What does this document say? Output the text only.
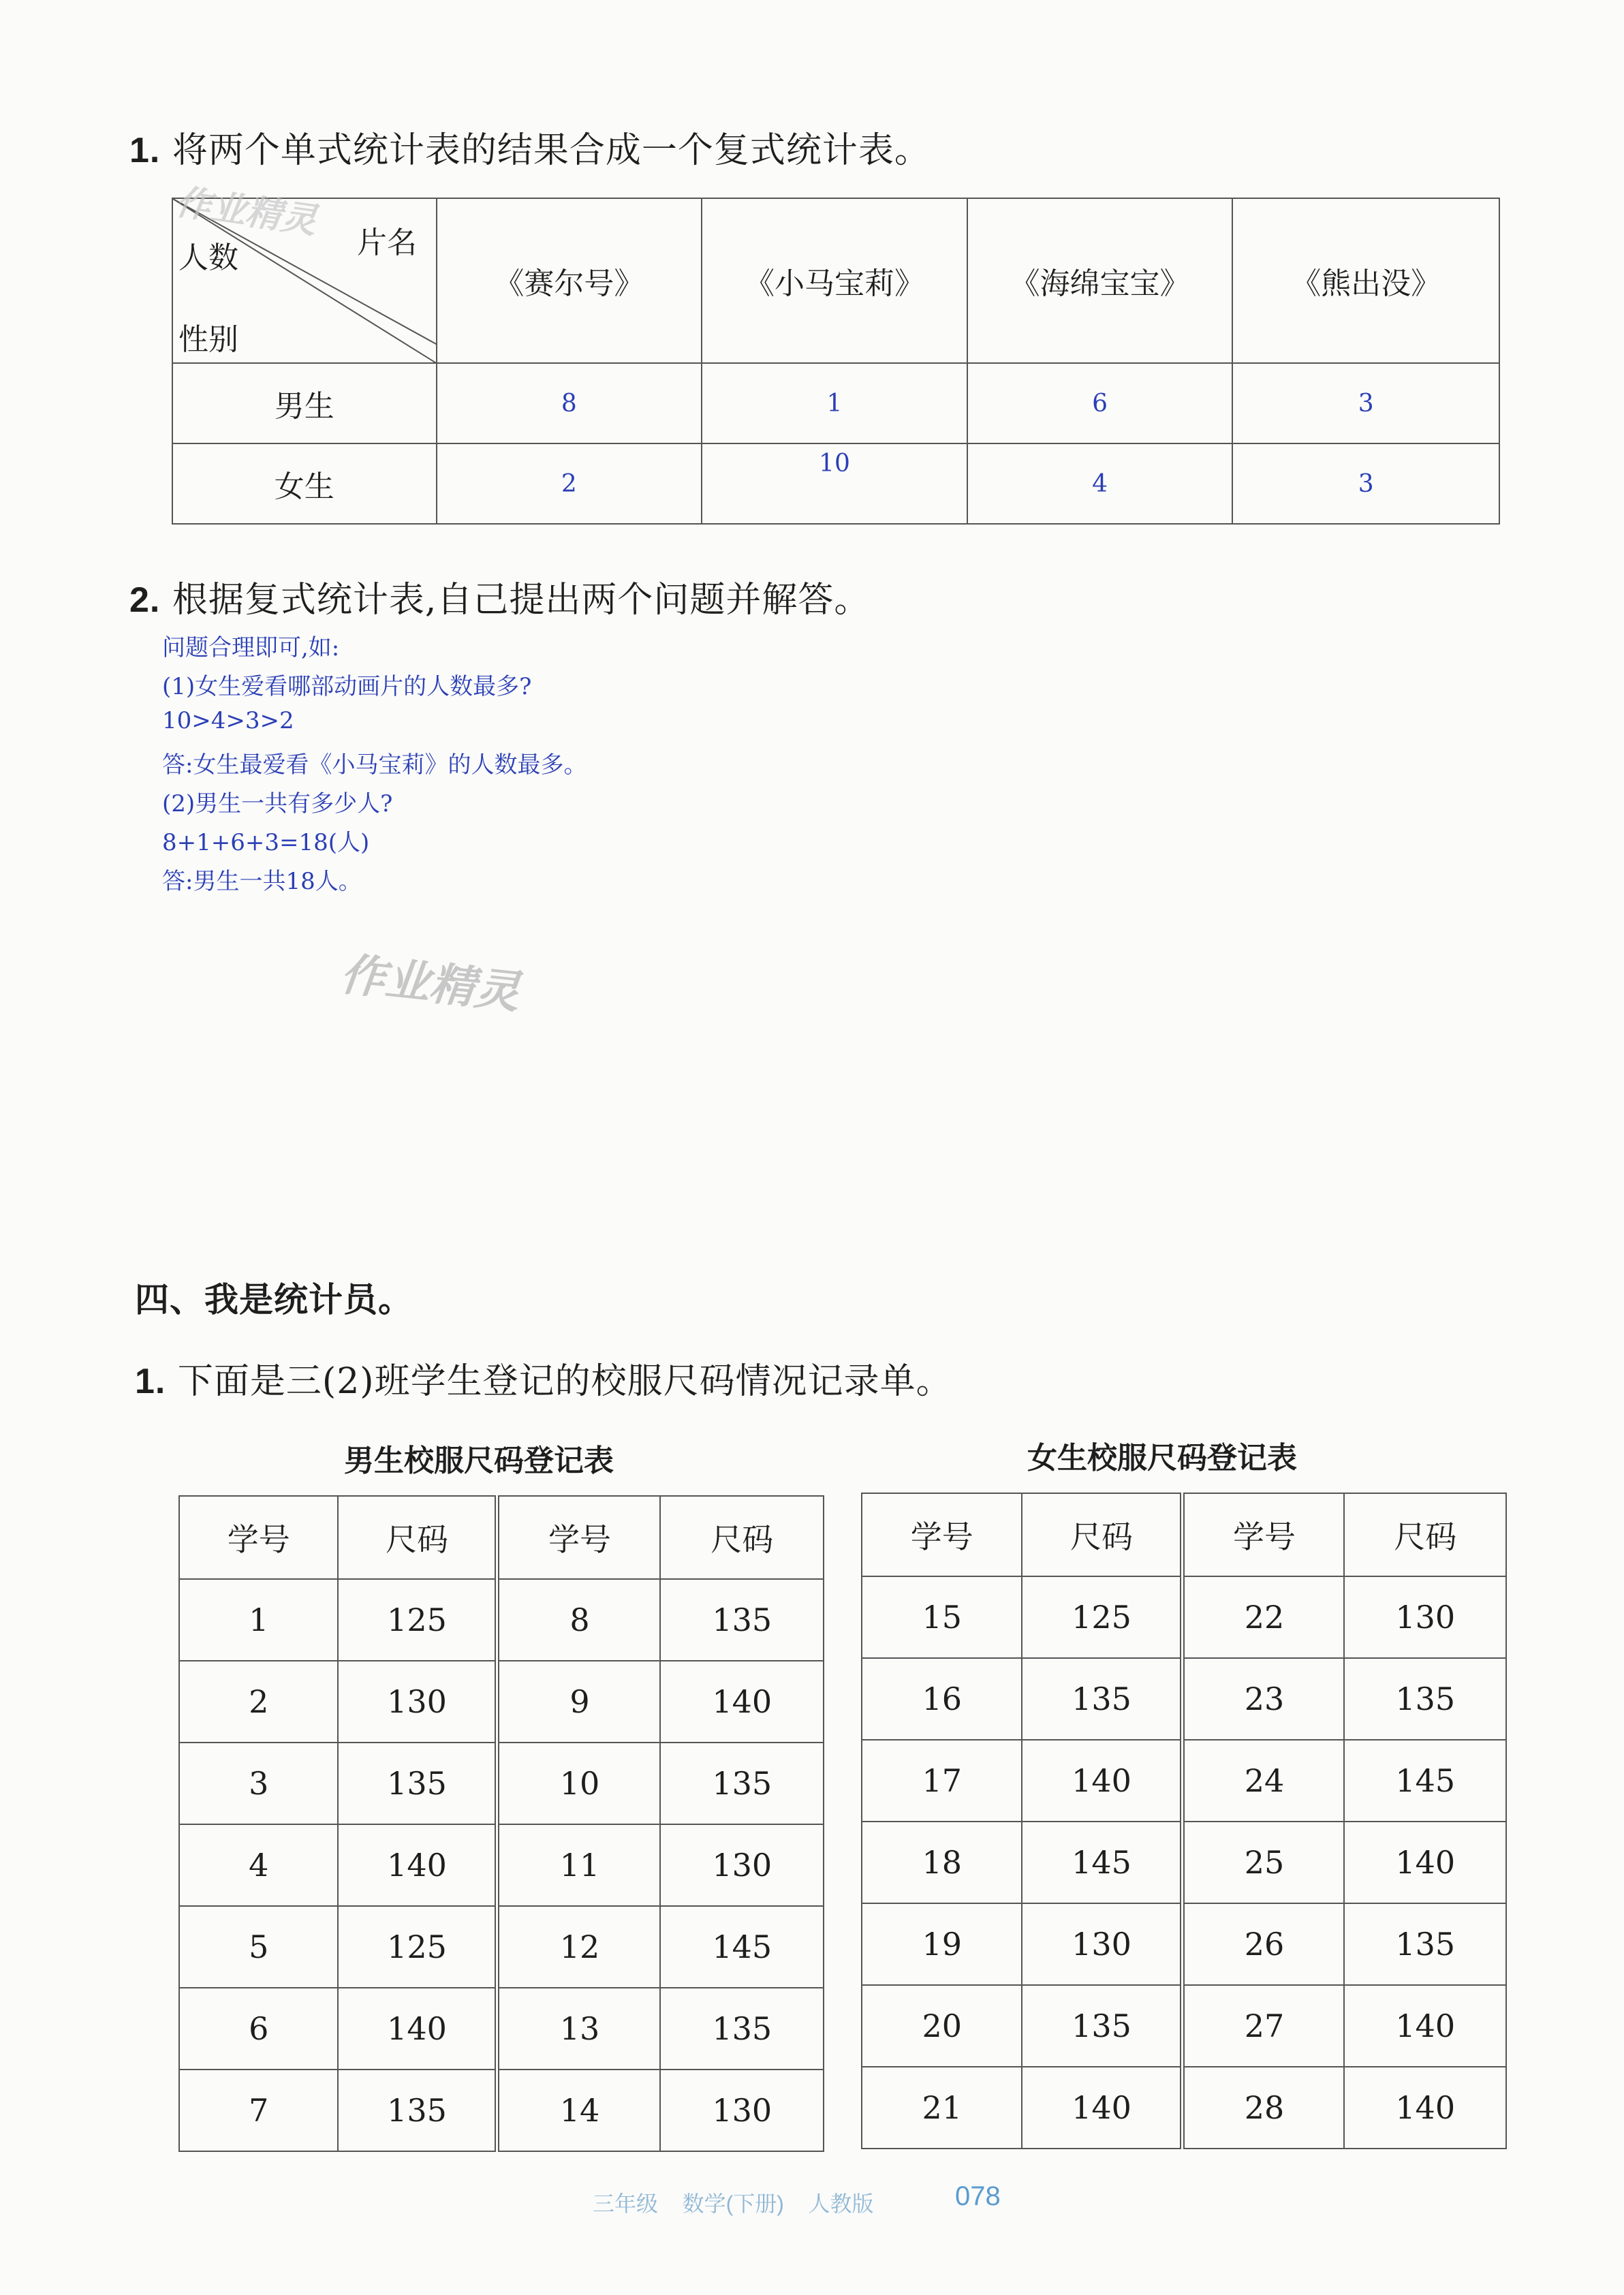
1. 将两个单式统计表的结果合成一个复式统计表。
片名
人数
性别	《赛尔号》	《小马宝莉》	《海绵宝宝》	《熊出没》
男生	8	1	6	3
女生	2	10	4	3
2. 根据复式统计表,自己提出两个问题并解答。
问题合理即可,如:
(1)女生爱看哪部动画片的人数最多?
10>4>3>2
答:女生最爱看《小马宝莉》的人数最多。
(2)男生一共有多少人?
8+1+6+3=18(人)
答:男生一共18人。
作业精灵
作业精灵
四、我是统计员。
1. 下面是三(2)班学生登记的校服尺码情况记录单。
男生校服尺码登记表
学号	尺码	学号	尺码
1	125	8	135
2	130	9	140
3	135	10	135
4	140	11	130
5	125	12	145
6	140	13	135
7	135	14	130
女生校服尺码登记表
学号	尺码	学号	尺码
15	125	22	130
16	135	23	135
17	140	24	145
18	145	25	140
19	130	26	135
20	135	27	140
21	140	28	140
三年级 数学(下册) 人教版	078
